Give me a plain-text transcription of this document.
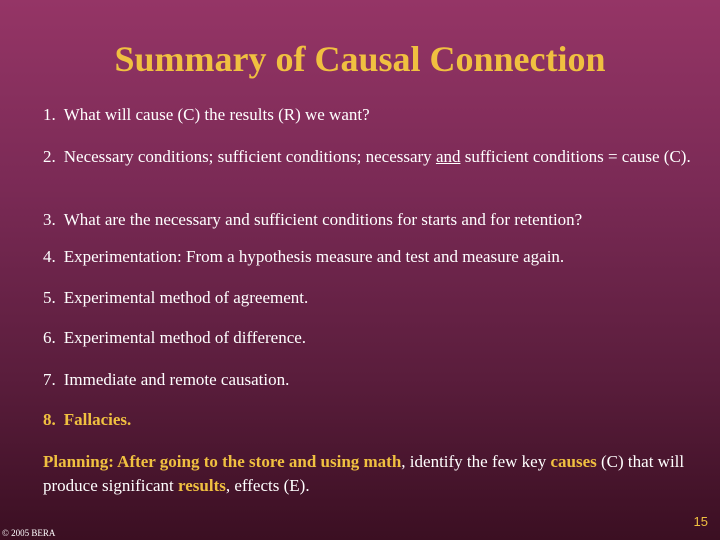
Summary of Causal Connection
1. What will cause (C) the results (R) we want?
2. Necessary conditions; sufficient conditions; necessary and sufficient conditions = cause (C).
3. What are the necessary and sufficient conditions for starts and for retention?
4. Experimentation: From a hypothesis measure and test and measure again.
5. Experimental method of agreement.
6. Experimental method of difference.
7. Immediate and remote causation.
8. Fallacies.
Planning: After going to the store and using math, identify the few key causes (C) that will produce significant results, effects (E).
© 2005 BERA
15
